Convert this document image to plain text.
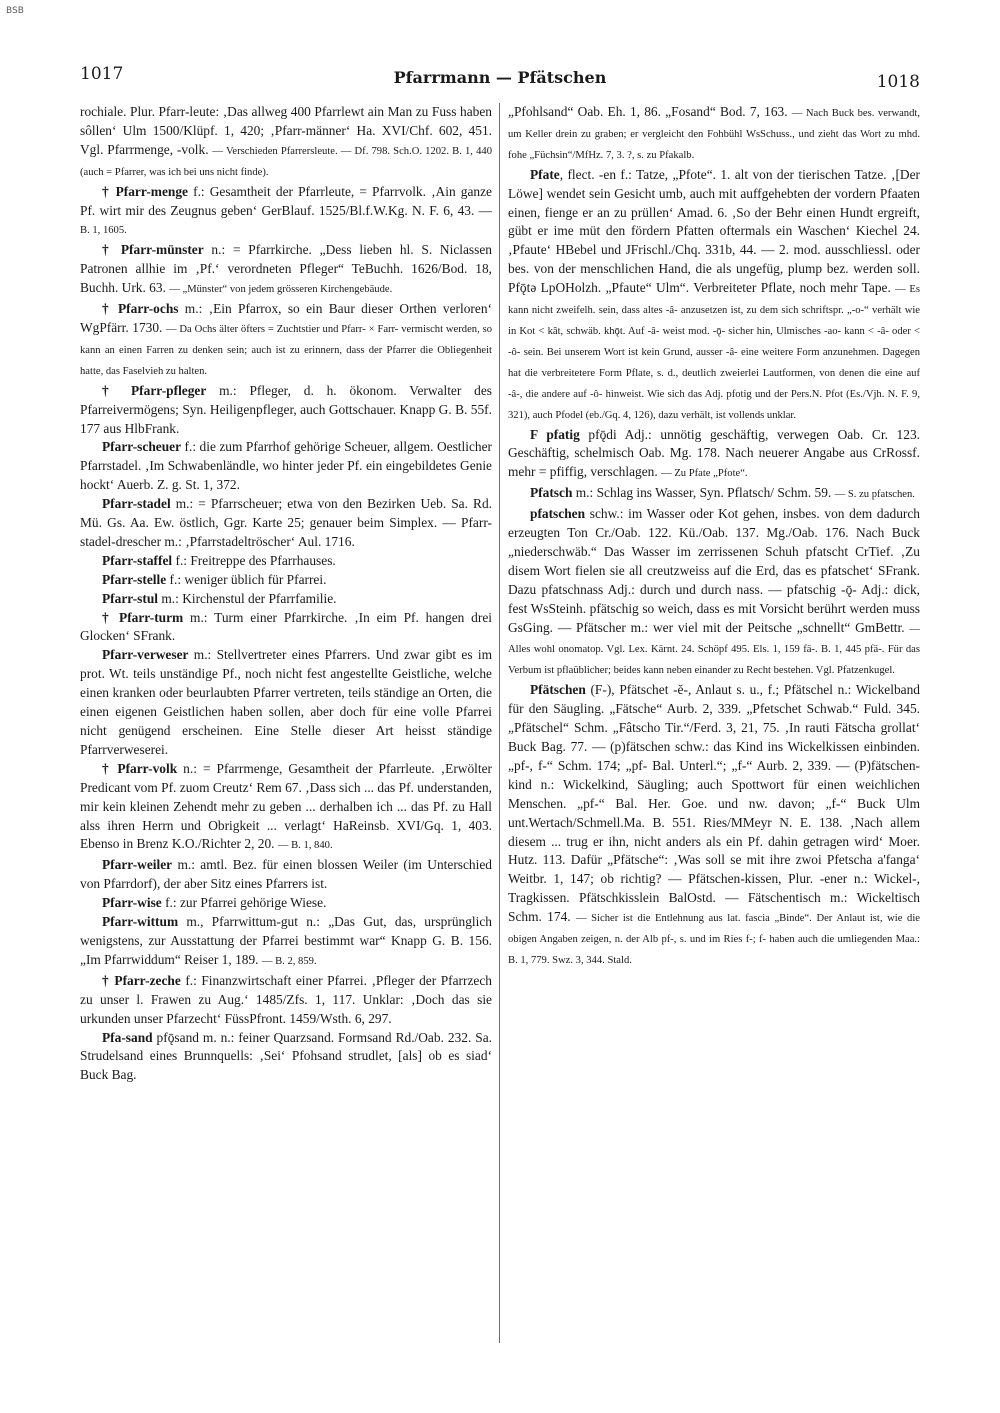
BSB
1017	Pfarrmann — Pfätschen	1018

rochiale. Plur. Pfarr-leute: ‚Das allweg 400 Pfarrlewt ain Man zu Fuss haben sôllen‘ Ulm 1500/Klüpf. 1, 420; ‚Pfarr-männer‘ Ha. XVI/Chf. 602, 451. Vgl. Pfarrmenge, -volk. — Verschieden Pfarrersleute. — Df. 798. Sch.O. 1202. B. 1, 440 (auch = Pfarrer, was ich bei uns nicht finde).

† Pfarr-menge f.: Gesamtheit der Pfarrleute, = Pfarrvolk. ‚Ain ganze Pf. wirt mir des Zeugnus geben‘ GerBlauf. 1525/Bl.f.W.Kg. N. F. 6, 43. — B. 1, 1605.

† Pfarr-münster n.: = Pfarrkirche. „Dess lieben hl. S. Niclassen Patronen allhie im ‚Pf.‘ verordneten Pfleger“ TeBuchh. 1626/Bod. 18, Buchh. Urk. 63. — „Münster“ von jedem grösseren Kirchengebäude.

† Pfarr-ochs m.: ‚Ein Pfarrox, so ein Baur dieser Orthen verloren‘ WgPfärr. 1730. — Da Ochs älter öfters = Zuchtstier und Pfarr- × Farr- vermischt werden, so kann an einen Farren zu denken sein; auch ist zu erinnern, dass der Pfarrer die Obliegenheit hatte, das Faselvieh zu halten.

† Pfarr-pfleger m.: Pfleger, d. h. ökonom. Verwalter des Pfarreivermögens; Syn. Heiligenpfleger, auch Gottschauer. Knapp G. B. 55f. 177 aus HlbFrank.

Pfarr-scheuer f.: die zum Pfarrhof gehörige Scheuer, allgem. Oestlicher Pfarrstadel. ‚Im Schwabenländle, wo hinter jeder Pf. ein eingebildetes Genie hockt‘ Auerb. Z. g. St. 1, 372.

Pfarr-stadel m.: = Pfarrscheuer; etwa von den Bezirken Ueb. Sa. Rd. Mü. Gs. Aa. Ew. östlich, Ggr. Karte 25; genauer beim Simplex. — Pfarr-stadel-drescher m.: ‚Pfarrstadeltröscher‘ Aul. 1716.

Pfarr-staffel f.: Freitreppe des Pfarrhauses.

Pfarr-stelle f.: weniger üblich für Pfarrei.

Pfarr-stul m.: Kirchenstul der Pfarrfamilie.

† Pfarr-turm m.: Turm einer Pfarrkirche. ‚In eim Pf. hangen drei Glocken‘ SFrank.

Pfarr-verweser m.: Stellvertreter eines Pfarrers. Und zwar gibt es im prot. Wt. teils unständige Pf., noch nicht fest angestellte Geistliche, welche einen kranken oder beurlaubten Pfarrer vertreten, teils ständige an Orten, die einen eigenen Geistlichen haben sollen, aber doch für eine volle Pfarrei nicht genügend erscheinen. Eine Stelle dieser Art heisst ständige Pfarrverweserei.

† Pfarr-volk n.: = Pfarrmenge, Gesamtheit der Pfarrleute. ‚Erwölter Predicant vom Pf. zuom Creutz‘ Rem 67. ‚Dass sich ... das Pf. understanden, mir kein kleinen Zehendt mehr zu geben ... derhalben ich ... das Pf. zu Hall alss ihren Herrn und Obrigkeit ... verlagt‘ HaReinsb. XVI/Gq. 1, 403. Ebenso in Brenz K.O./Richter 2, 20. — B. 1, 840.

Pfarr-weiler m.: amtl. Bez. für einen blossen Weiler (im Unterschied von Pfarrdorf), der aber Sitz eines Pfarrers ist.

Pfarr-wise f.: zur Pfarrei gehörige Wiese.

Pfarr-wittum m., Pfarrwittum-gut n.: „Das Gut, das, ursprünglich wenigstens, zur Ausstattung der Pfarrei bestimmt war“ Knapp G. B. 156. „Im Pfarrwiddum“ Reiser 1, 189. — B. 2, 859.

† Pfarr-zeche f.: Finanzwirtschaft einer Pfarrei. ‚Pfleger der Pfarrzech zu unser l. Frawen zu Aug.‘ 1485/Zfs. 1, 117. Unklar: ‚Doch das sie urkunden unser Pfarzecht‘ FüssPfront. 1459/Wsth. 6, 297.

Pfa-sand pfǭsand m. n.: feiner Quarzsand. Formsand Rd./Oab. 232. Sa. Strudelsand eines Brunnquells: ‚Sei‘ Pfohsand strudlet, [als] ob es siad‘ Buck Bag.

„Pfohlsand“ Oab. Eh. 1, 86. „Fosand“ Bod. 7, 163. — Nach Buck bes. verwandt, um Keller drein zu graben; er vergleicht den Fohbühl WsSchuss., und zieht das Wort zu mhd. fohe „Füchsin“/MfHz. 7, 3. ?, s. zu Pfakalb.

Pfate, flect. -en f.: Tatze, „Pfote“. 1. alt von der tierischen Tatze. ‚[Der Löwe] wendet sein Gesicht umb, auch mit auffgehebten der vordern Pfaaten einen, fienge er an zu prüllen‘ Amad. 6. ‚So der Behr einen Hundt ergreift, gübt er ime müt den fördern Pfatten oftermals ein Waschen‘ Kiechel 24. ‚Pfaute‘ HBebel und JFrischl./Chq. 331b, 44. — 2. mod. ausschliessl. oder bes. von der menschlichen Hand, die als ungefüg, plump bez. werden soll. Pfǭtə LpOHolzh. „Pfaute“ Ulm“. Verbreiteter Pflate, noch mehr Tape. — Es kann nicht zweifelh. sein, dass altes -â- anzusetzen ist, zu dem sich schriftspr. „-o-“ verhält wie in Kot < kât, schwäb. khǭt. Auf -â- weist mod. -ǭ- sicher hin, Ulmisches -ao- kann < -â- oder < -ô- sein. Bei unserem Wort ist kein Grund, ausser -â- eine weitere Form anzunehmen. Dagegen hat die verbreitetere Form Pflate, s. d., deutlich zweierlei Lautformen, von denen die eine auf -â-, die andere auf -ô- hinweist. Wie sich das Adj. pfotig und der Pers.N. Pfot (Es./Vjh. N. F. 9, 321), auch Pfodel (eb./Gq. 4, 126), dazu verhält, ist vollends unklar.

F pfatig pfǭdi Adj.: unnötig geschäftig, verwegen Oab. Cr. 123. Geschäftig, schelmisch Oab. Mg. 178. Nach neuerer Angabe aus CrRossf. mehr = pfiffig, verschlagen. — Zu Pfate „Pfote“.

Pfatsch m.: Schlag ins Wasser, Syn. Pflatsch/ Schm. 59. — S. zu pfatschen.

pfatschen schw.: im Wasser oder Kot gehen, insbes. von dem dadurch erzeugten Ton Cr./Oab. 122. Kü./Oab. 137. Mg./Oab. 176. Nach Buck „niederschwäb.“ Das Wasser im zerrissenen Schuh pfatscht CrTief. ‚Zu disem Wort fielen sie all creutzweiss auf die Erd, das es pfatschet‘ SFrank. Dazu pfatschnass Adj.: durch und durch nass. — pfatschig -ǭ- Adj.: dick, fest WsSteinh. pfätschig so weich, dass es mit Vorsicht berührt werden muss GsGing. — Pfätscher m.: wer viel mit der Peitsche „schnellt“ GmBettr. — Alles wohl onomatop. Vgl. Lex. Kärnt. 24. Schöpf 495. Els. 1, 159 fä-. B. 1, 445 pfä-. Für das Verbum ist pflaüblicher; beides kann neben einander zu Recht bestehen. Vgl. Pfatzenkugel.

Pfätschen (F-), Pfätschet -ĕ-, Anlaut s. u., f.; Pfätschel n.: Wickelband für den Säugling. „Fätsche“ Aurb. 2, 339. „Pfetschet Schwab.“ Fuld. 345. „Pfätschel“ Schm. „Fâtscho Tir.“/Ferd. 3, 21, 75. ‚In rauti Fätscha grollat‘ Buck Bag. 77. — (p)fätschen schw.: das Kind ins Wickelkissen einbinden. „pf-, f-“ Schm. 174; „pf- Bal. Unterl.“; „f-“ Aurb. 2, 339. — (P)fätschen-kind n.: Wickelkind, Säugling; auch Spottwort für einen weichlichen Menschen. „pf-“ Bal. Her. Goe. und nw. davon; „f-“ Buck Ulm unt.Wertach/Schmell.Ma. B. 551. Ries/MMeyr N. E. 138. ‚Nach allem diesem ... trug er ihn, nicht anders als ein Pf. dahin getragen wird‘ Moer. Hutz. 113. Dafür „Pfätsche“: ‚Was soll se mit ihre zwoi Pfetscha a'fanga‘ Weitbr. 1, 147; ob richtig? — Pfätschen-kissen, Plur. -ener n.: Wickel-, Tragkissen. Pfätschkisslein BalOstd. — Fätschentisch m.: Wickeltisch Schm. 174. — Sicher ist die Entlehnung aus lat. fascia „Binde“. Der Anlaut ist, wie die obigen Angaben zeigen, n. der Alb pf-, s. und im Ries f-; f- haben auch die umliegenden Maa.: B. 1, 779. Swz. 3, 344. Stald.
